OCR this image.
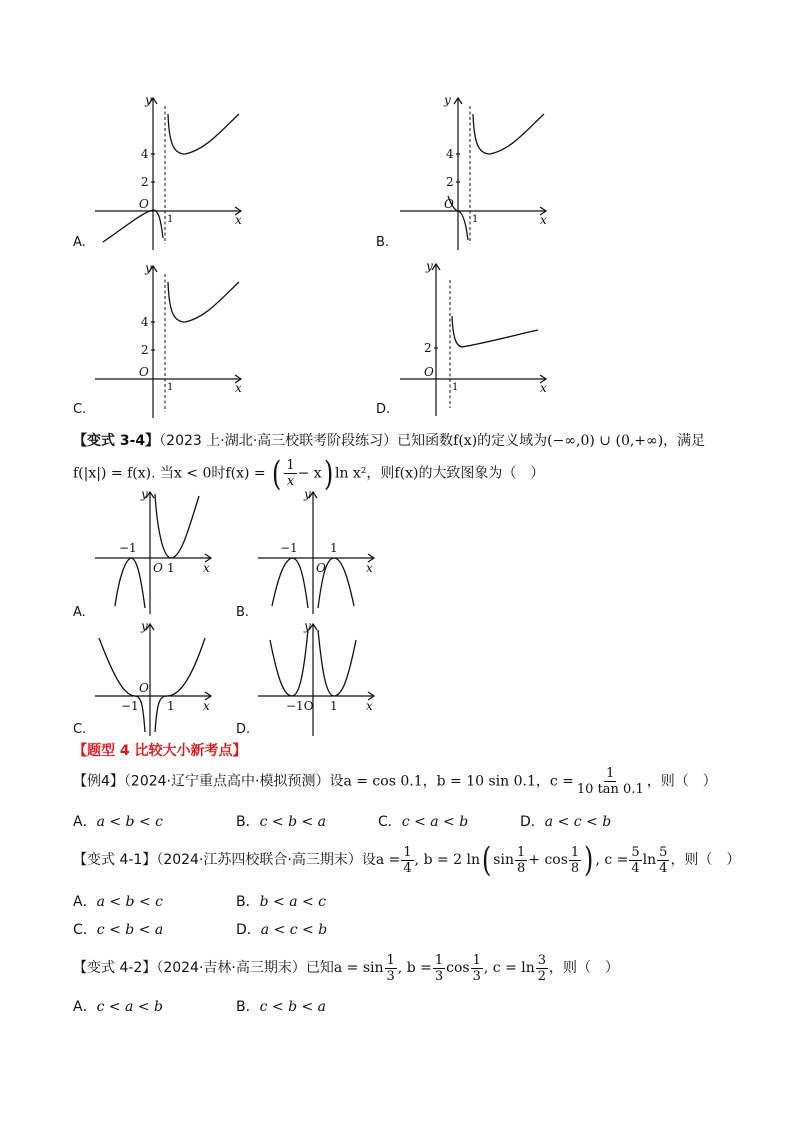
y
x
O
1
4
2
A.
y
x
O
1
4
2
B.
y
x
O
1
4
2
C.
y
x
O
1
2
D.
【变式 3-4】（2023 上·湖北·高三校联考阶段练习）已知函数f(x)的定义域为(−∞,0) ∪ (0,+∞)，满足
f(|x|) = f(x). 当x < 0时f(x) = ( $\frac{1}{x} - x$) ln x²，则f(x)的大致图象为（　）
y
x
O
−1
1
A.
y
x
O
−1	1
B.
y
x
O
−1 1
C.
y
x
−1O 1
D.
【题型 4 比较大小新考点】
【例4】（2024·辽宁重点高中·模拟预测）设a = cos 0.1，b = 10 sin 0.1，$c = \frac{1}{10 \tan 0.1}$ ，则（　）
A．a < b < c	B．c < b < a	C．c < a < b	D．a < c < b
【变式 4-1】（2024·江苏四校联合·高三期末）设$a = \frac{1}{4}$ , b = 2 ln( $\sin \frac{1}{8} + \cos \frac{1}{8}$ ) , $c = \frac{5}{4}$ $\ln \frac{5}{4}$ ，则（　）
A．a < b < c	B．b < a < c
C．c < b < a	D．a < c < b
【变式 4-2】（2024·吉林·高三期末）已知$a = \sin \frac{1}{3}$ , $b = \frac{1}{3}$ $\cos \frac{1}{3}$ , $c = \ln \frac{3}{2}$ ，则（　）
A．c < a < b	B．c < b < a
